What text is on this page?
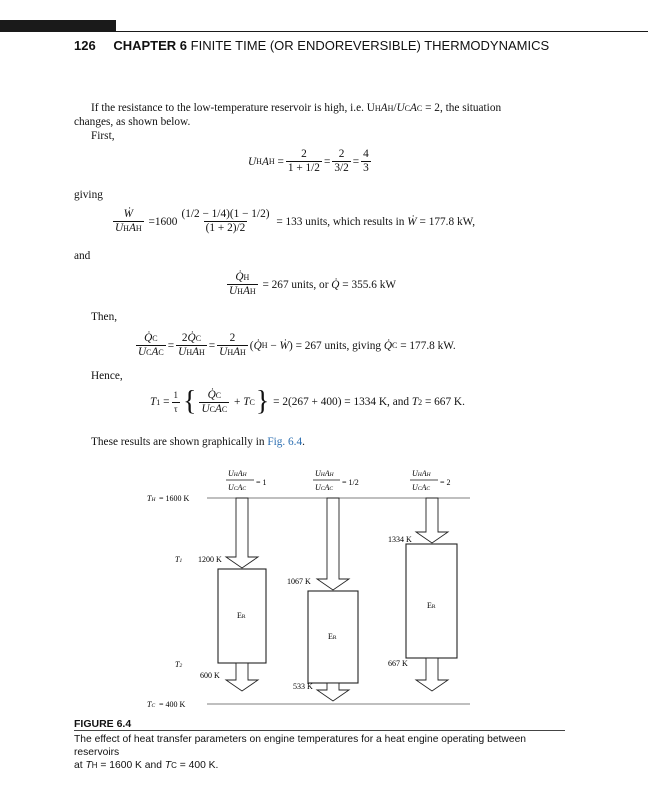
126 CHAPTER 6 FINITE TIME (OR ENDOREVERSIBLE) THERMODYNAMICS
If the resistance to the low-temperature reservoir is high, i.e. UHAH/UCAC = 2, the situation
changes, as shown below.
First,
U H A $H = \frac{2}{1 + 1/2} = \frac{2}{3/2} = \frac{4}{3}$
giving
$\frac{\text{Ẇ}}{\text{UHAH}} = 1600 \frac{(1/2 - 1/4)(1 - 1/2)}{(1 + 2)/2}$
= 133 units, which results in
Ẇ
= 177.8 kW,
and
$\frac{Q̇H}{\text{UHAH}}$
= 267 units, or
Q̇
= 355.6 kW
Then,
$\frac{Q̇C}{\text{UCAC}} = \frac{2Q̇C}{\text{UHAH}} = \frac{2}{\text{UHAH}}$ ( Q̇ H − Ẇ ) = 267 units, giving
Q̇ C
= 177.8 kW.
Hence,
T $1 = \frac{1}{\tau}$ { $\frac{Q̇C}{\text{UCAC}} + T$ C }
= 2(267 + 400) = 1334 K, and
T 2
= 667 K.
These results are shown graphically in Fig. 6.4.
UHAH
UCAC
= 1
UHAH
UCAC
= 1/2
UHAH
UCAC
= 2
TH = 1600 K
TC = 400 K
T1
T2
ER
1200 K
600 K
ER
1067 K
533 K
ER
1334 K
667 K
FIGURE 6.4
The effect of heat transfer parameters on engine temperatures for a heat engine operating between reservoirs
at TH = 1600 K and TC = 400 K.
